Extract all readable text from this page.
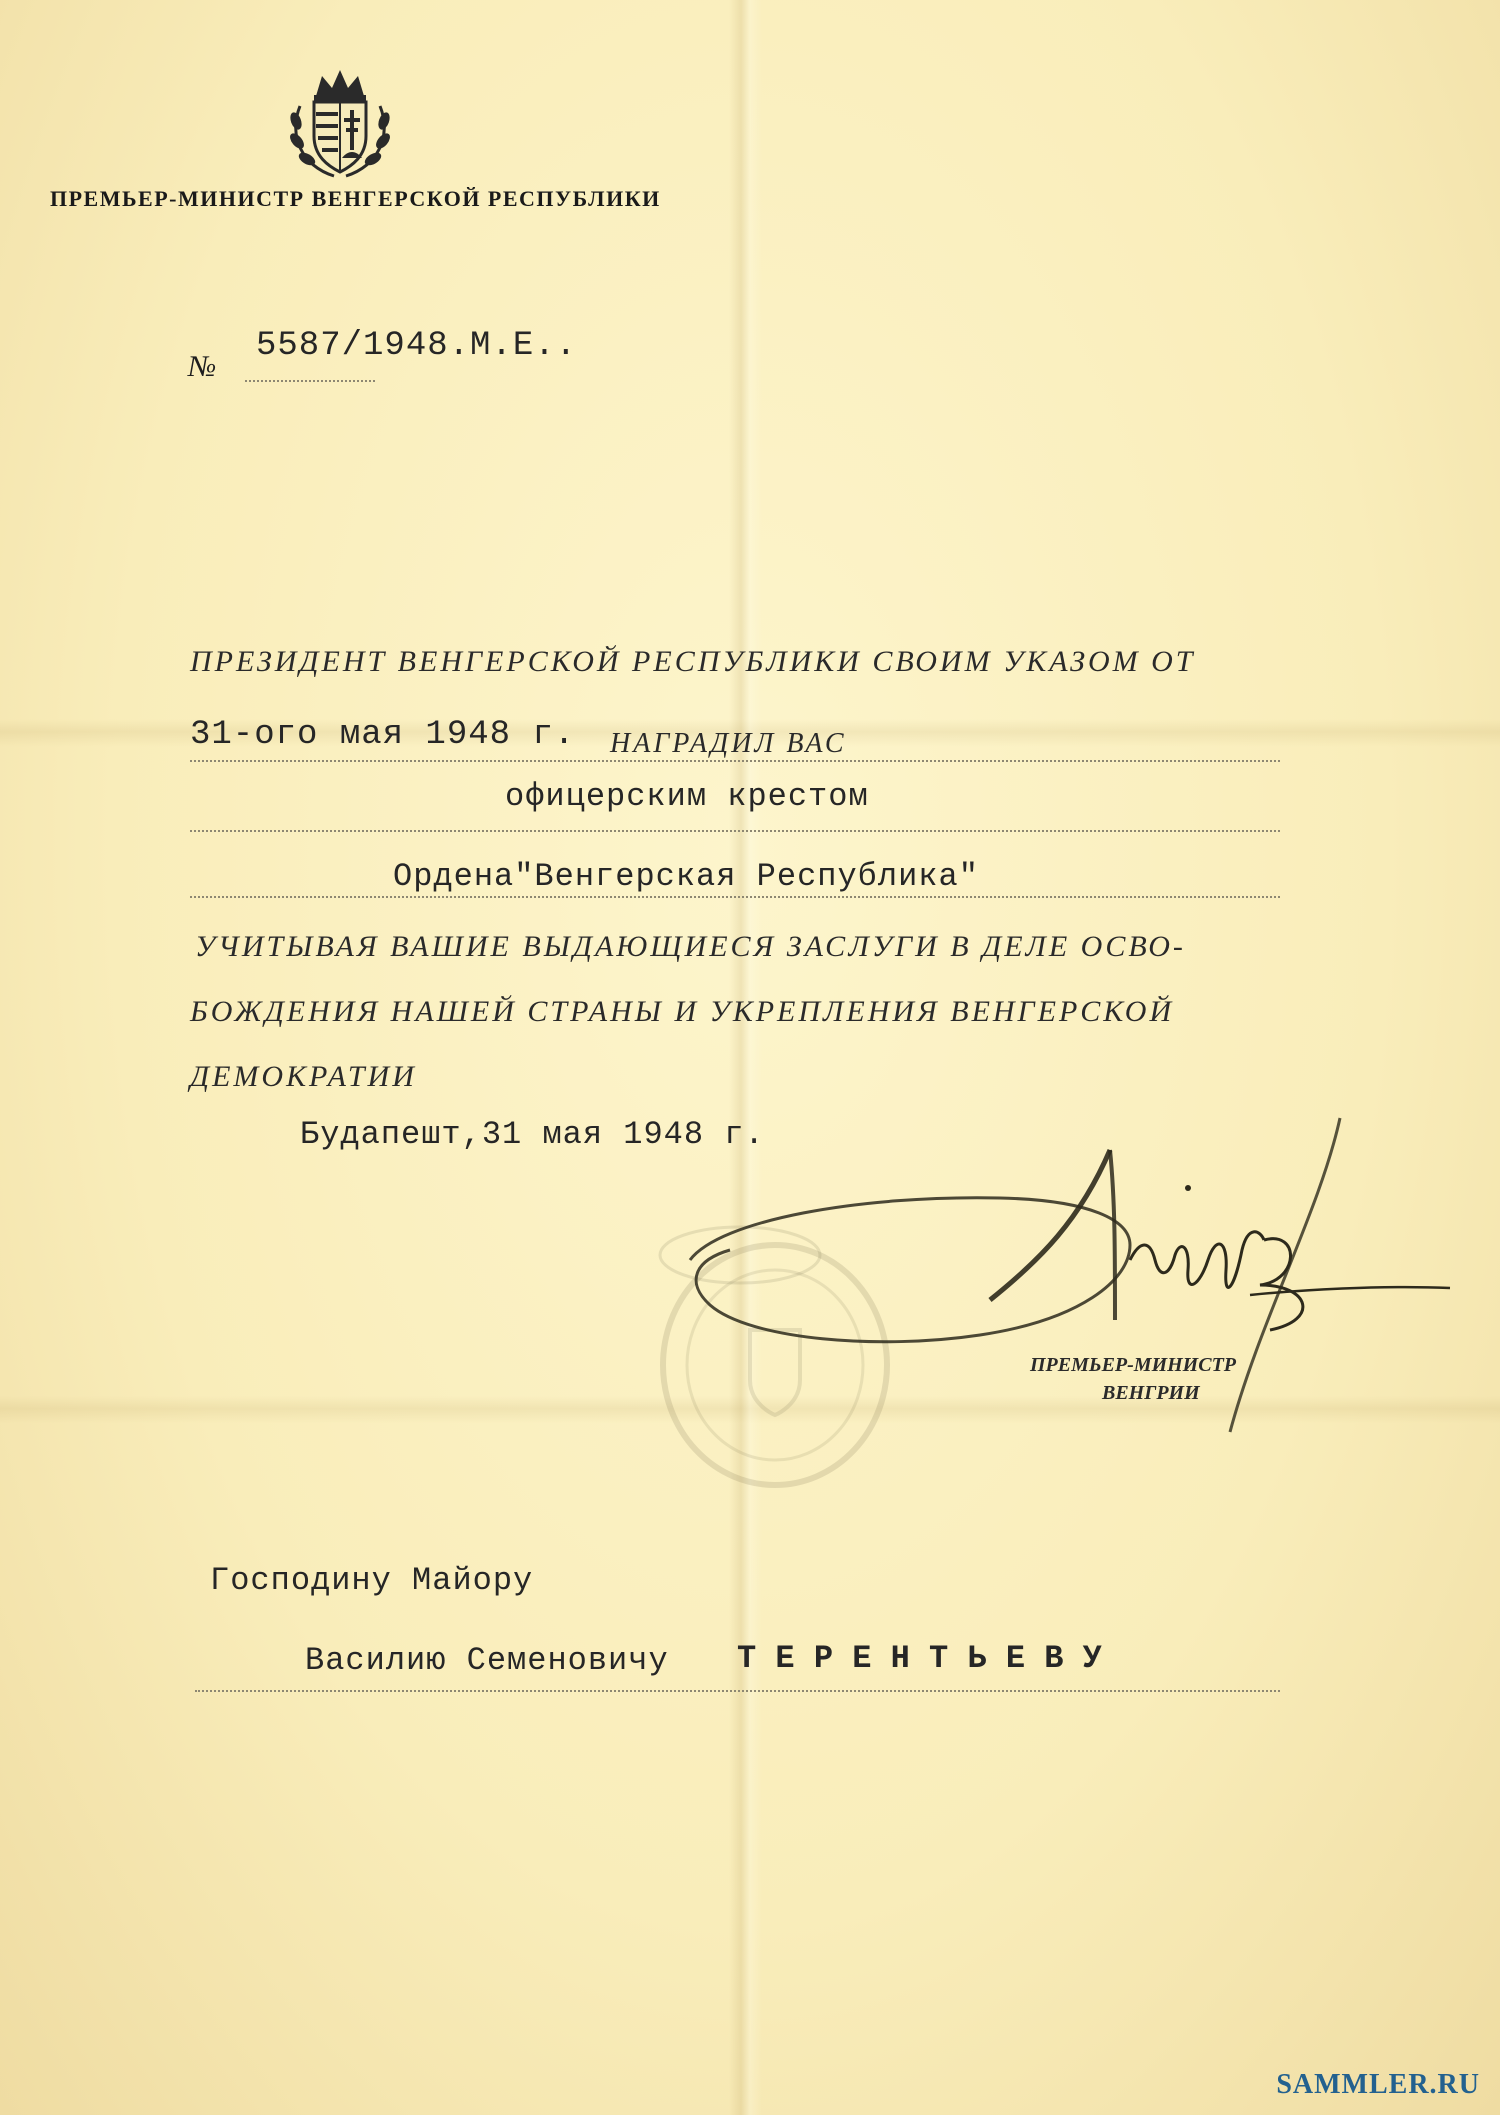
ПРЕМЬЕР-МИНИСТР ВЕНГЕРСКОЙ РЕСПУБЛИКИ
№
5587/1948.М.Е..
ПРЕЗИДЕНТ ВЕНГЕРСКОЙ РЕСПУБЛИКИ СВОИМ УКАЗОМ ОТ
31-ого мая 1948 г. НАГРАДИЛ ВАС
офицерским крестом
Ордена"Венгерская Республика"
УЧИТЫВАЯ ВАШИЕ ВЫДАЮЩИЕСЯ ЗАСЛУГИ В ДЕЛЕ ОСВО-
БОЖДЕНИЯ НАШЕЙ СТРАНЫ И УКРЕПЛЕНИЯ ВЕНГЕРСКОЙ
ДЕМОКРАТИИ
Будапешт,31 мая 1948 г.
ПРЕМЬЕР-МИНИСТР
ВЕНГРИИ
Господину Майору
Василию Семеновичу Т Е Р Е Н Т Ь Е В У
SAMMLER.RU
